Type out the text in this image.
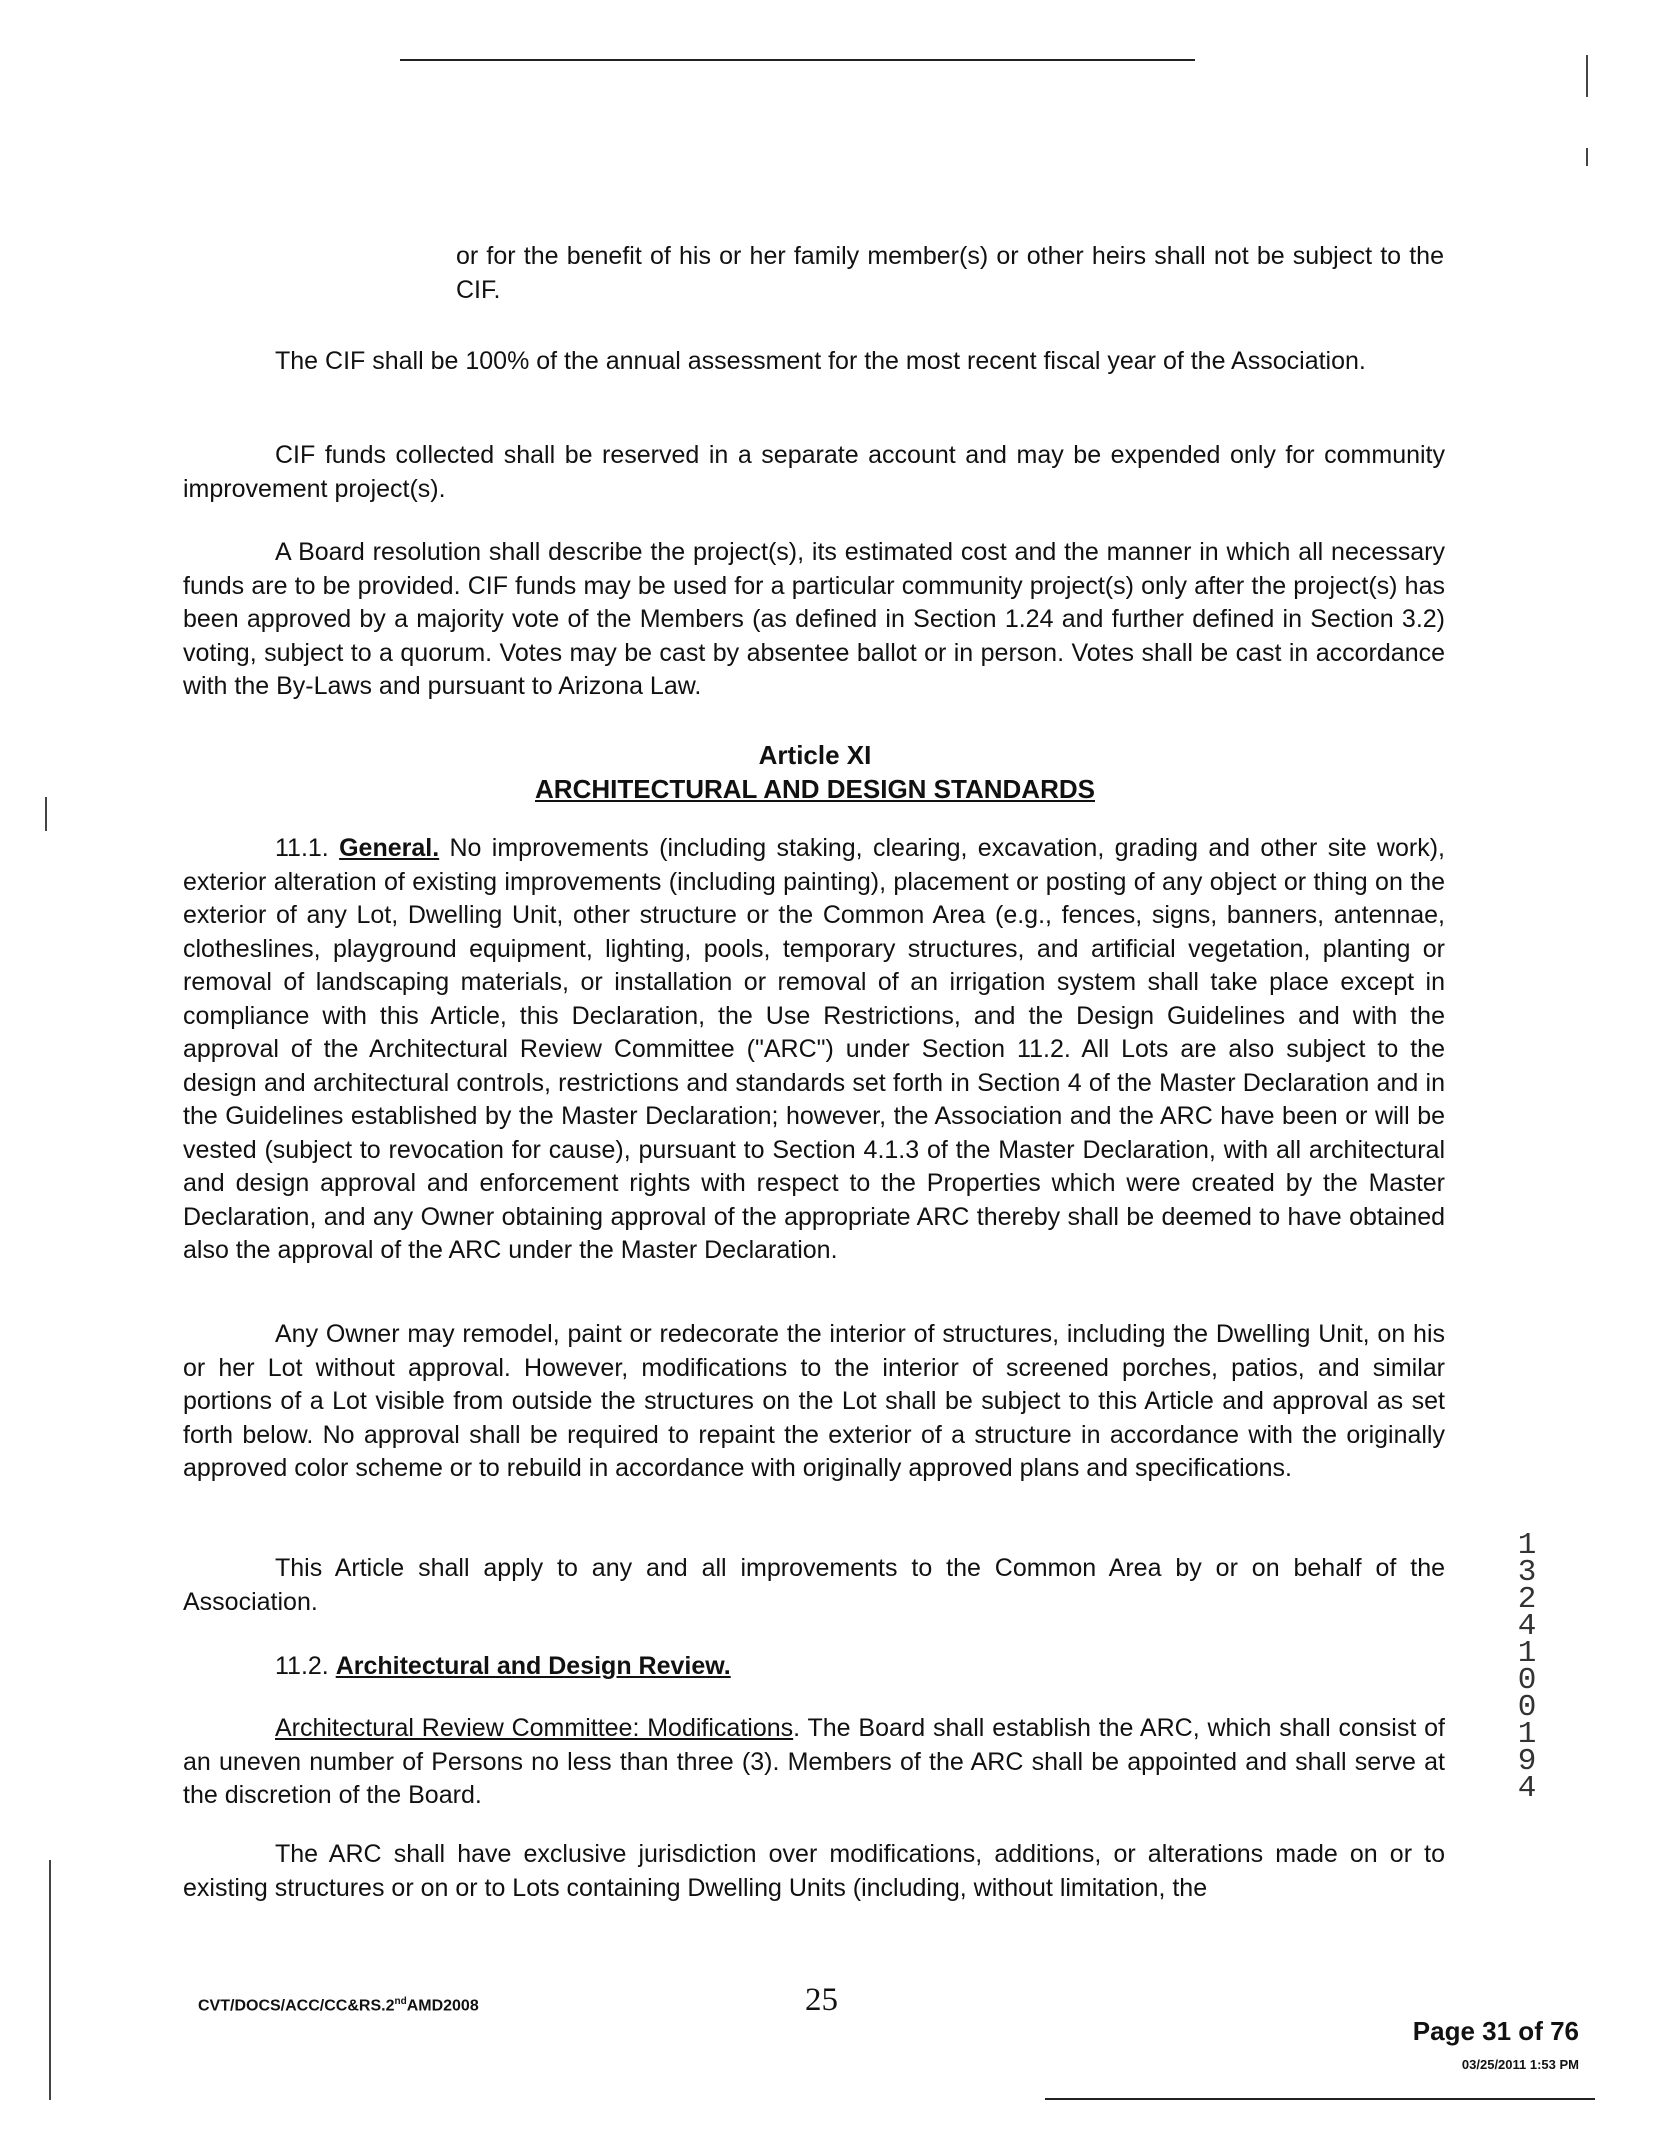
or for the benefit of his or her family member(s) or other heirs shall not be subject to the CIF.

The CIF shall be 100% of the annual assessment for the most recent fiscal year of the Association.

CIF funds collected shall be reserved in a separate account and may be expended only for community improvement project(s).

A Board resolution shall describe the project(s), its estimated cost and the manner in which all necessary funds are to be provided. CIF funds may be used for a particular community project(s) only after the project(s) has been approved by a majority vote of the Members (as defined in Section 1.24 and further defined in Section 3.2) voting, subject to a quorum. Votes may be cast by absentee ballot or in person. Votes shall be cast in accordance with the By-Laws and pursuant to Arizona Law.

Article XI
ARCHITECTURAL AND DESIGN STANDARDS

11.1. General. No improvements (including staking, clearing, excavation, grading and other site work), exterior alteration of existing improvements (including painting), placement or posting of any object or thing on the exterior of any Lot, Dwelling Unit, other structure or the Common Area (e.g., fences, signs, banners, antennae, clotheslines, playground equipment, lighting, pools, temporary structures, and artificial vegetation, planting or removal of landscaping materials, or installation or removal of an irrigation system shall take place except in compliance with this Article, this Declaration, the Use Restrictions, and the Design Guidelines and with the approval of the Architectural Review Committee ("ARC") under Section 11.2. All Lots are also subject to the design and architectural controls, restrictions and standards set forth in Section 4 of the Master Declaration and in the Guidelines established by the Master Declaration; however, the Association and the ARC have been or will be vested (subject to revocation for cause), pursuant to Section 4.1.3 of the Master Declaration, with all architectural and design approval and enforcement rights with respect to the Properties which were created by the Master Declaration, and any Owner obtaining approval of the appropriate ARC thereby shall be deemed to have obtained also the approval of the ARC under the Master Declaration.

Any Owner may remodel, paint or redecorate the interior of structures, including the Dwelling Unit, on his or her Lot without approval. However, modifications to the interior of screened porches, patios, and similar portions of a Lot visible from outside the structures on the Lot shall be subject to this Article and approval as set forth below. No approval shall be required to repaint the exterior of a structure in accordance with the originally approved color scheme or to rebuild in accordance with originally approved plans and specifications.

This Article shall apply to any and all improvements to the Common Area by or on behalf of the Association.

11.2. Architectural and Design Review.

Architectural Review Committee: Modifications. The Board shall establish the ARC, which shall consist of an uneven number of Persons no less than three (3). Members of the ARC shall be appointed and shall serve at the discretion of the Board.

The ARC shall have exclusive jurisdiction over modifications, additions, or alterations made on or to existing structures or on or to Lots containing Dwelling Units (including, without limitation, the

1
3
2
4
1
0
0
1
9
4
CVT/DOCS/ACC/CC&RS.2ndAMD2008	25
Page 31 of 76
03/25/2011 1:53 PM
